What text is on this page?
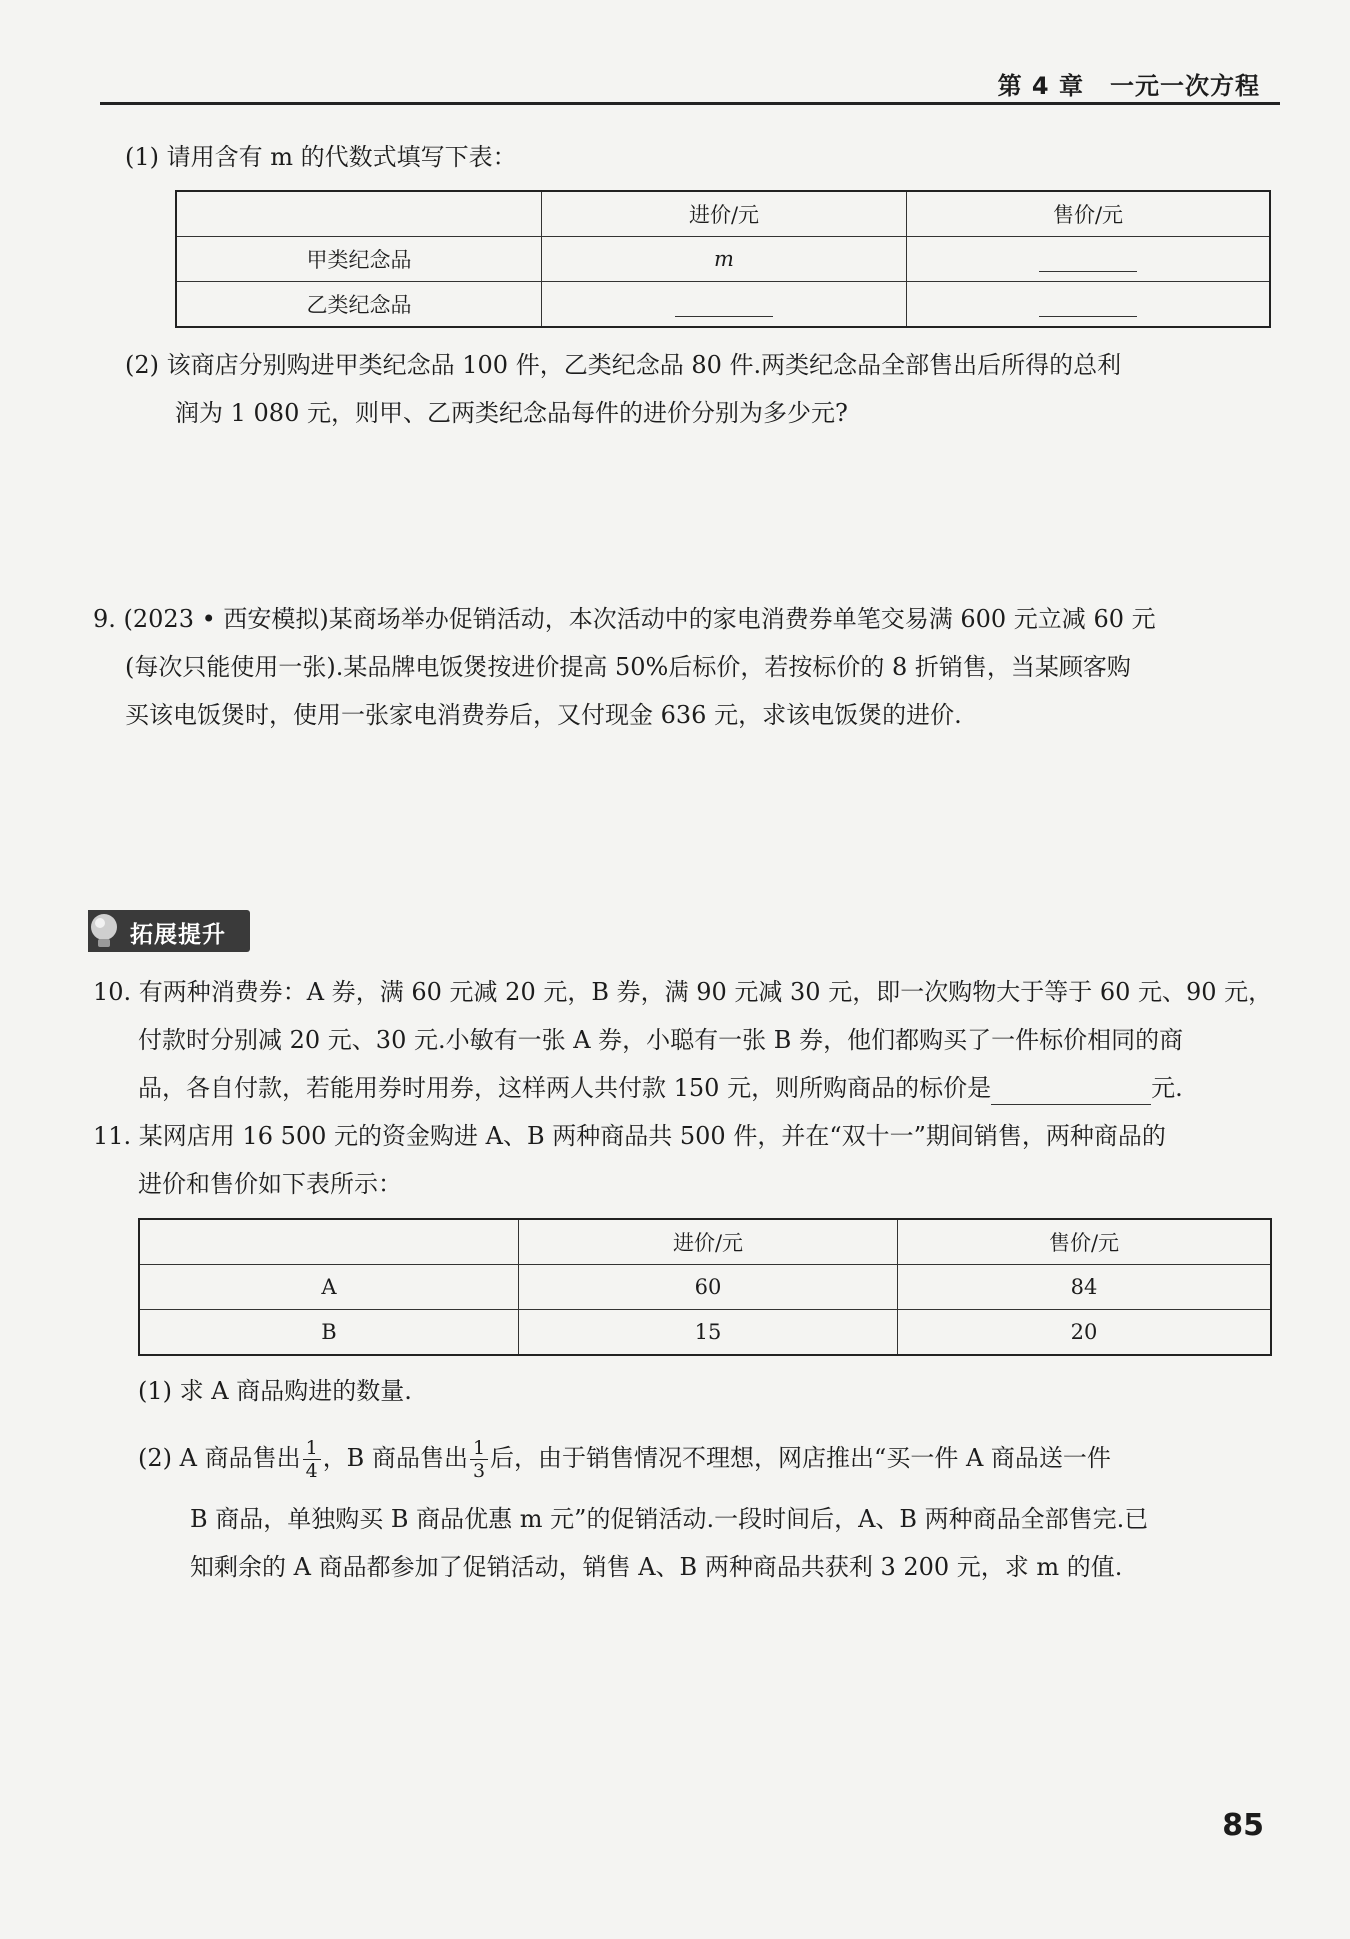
第 4 章 一元一次方程
(1) 请用含有 m 的代数式填写下表：
	进价/元	售价/元
甲类纪念品	m	
乙类纪念品		
(2) 该商店分别购进甲类纪念品 100 件，乙类纪念品 80 件.两类纪念品全部售出后所得的总利
润为 1 080 元，则甲、乙两类纪念品每件的进价分别为多少元?
9. (2023 • 西安模拟)某商场举办促销活动，本次活动中的家电消费券单笔交易满 600 元立减 60 元
(每次只能使用一张).某品牌电饭煲按进价提高 50%后标价，若按标价的 8 折销售，当某顾客购
买该电饭煲时，使用一张家电消费券后，又付现金 636 元，求该电饭煲的进价.
拓展提升
10. 有两种消费券：A 券，满 60 元减 20 元，B 券，满 90 元减 30 元，即一次购物大于等于 60 元、90 元，
付款时分别减 20 元、30 元.小敏有一张 A 券，小聪有一张 B 券，他们都购买了一件标价相同的商
品，各自付款，若能用券时用券，这样两人共付款 150 元，则所购商品的标价是	元.
11. 某网店用 16 500 元的资金购进 A、B 两种商品共 500 件，并在“双十一”期间销售，两种商品的
进价和售价如下表所示：
	进价/元	售价/元
A	60	84
B	15	20
(1) 求 A 商品购进的数量.
(2) A 商品售出 $\frac{1}{4}$ ，B 商品售出 $\frac{1}{3}$ 后，由于销售情况不理想，网店推出“买一件 A 商品送一件
B 商品，单独购买 B 商品优惠 m 元”的促销活动.一段时间后，A、B 两种商品全部售完.已
知剩余的 A 商品都参加了促销活动，销售 A、B 两种商品共获利 3 200 元，求 m 的值.
85
